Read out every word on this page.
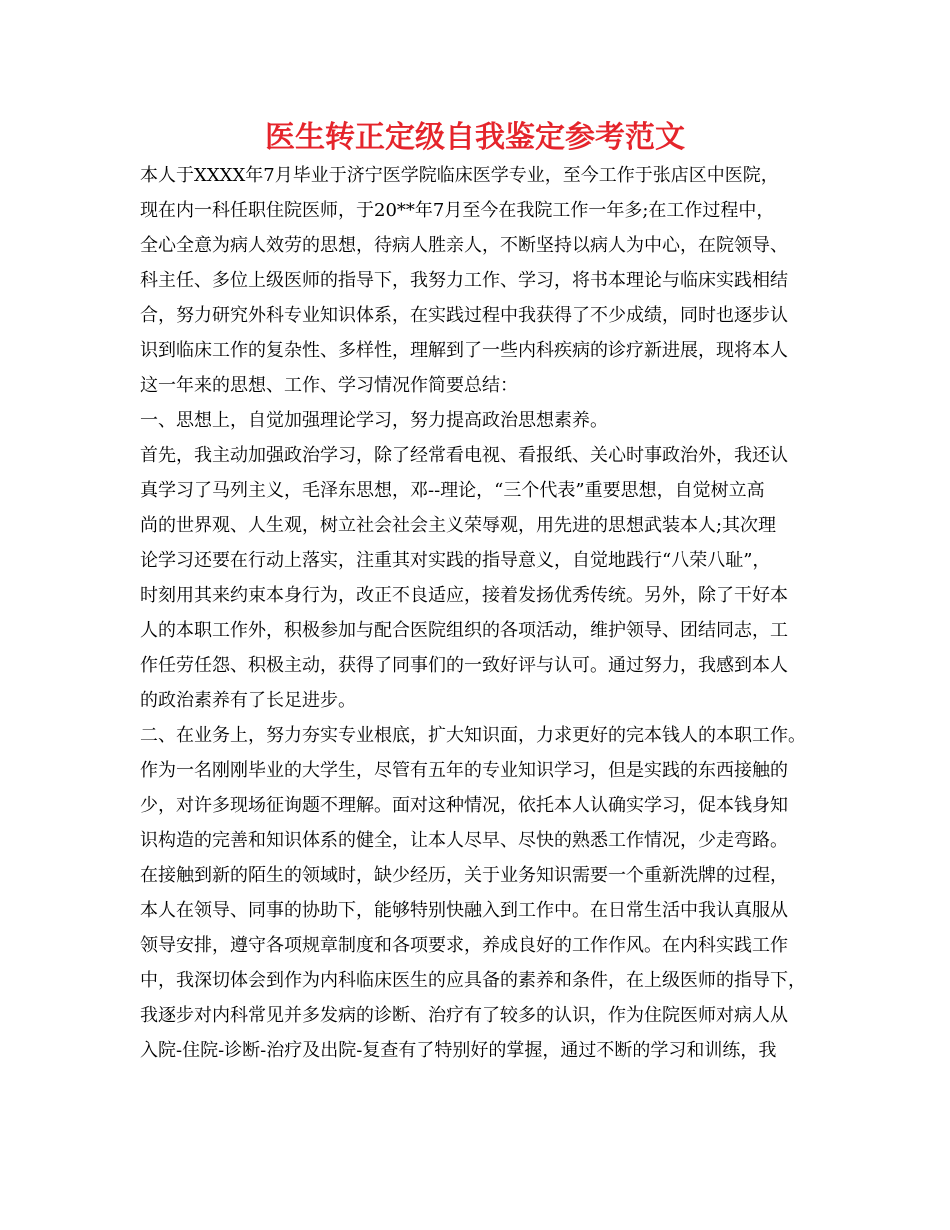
医生转正定级自我鉴定参考范文

本人于XXXX年7月毕业于济宁医学院临床医学专业，至今工作于张店区中医院，

现在内一科任职住院医师，于20**年7月至今在我院工作一年多;在工作过程中，

全心全意为病人效劳的思想，待病人胜亲人，不断坚持以病人为中心，在院领导、

科主任、多位上级医师的指导下，我努力工作、学习，将书本理论与临床实践相结

合，努力研究外科专业知识体系，在实践过程中我获得了不少成绩，同时也逐步认

识到临床工作的复杂性、多样性，理解到了一些内科疾病的诊疗新进展，现将本人

这一年来的思想、工作、学习情况作简要总结：

一、思想上，自觉加强理论学习，努力提高政治思想素养。

首先，我主动加强政治学习，除了经常看电视、看报纸、关心时事政治外，我还认

真学习了马列主义，毛泽东思想，邓--理论，“三个代表”重要思想，自觉树立高

尚的世界观、人生观，树立社会社会主义荣辱观，用先进的思想武装本人;其次理

论学习还要在行动上落实，注重其对实践的指导意义，自觉地践行“八荣八耻”，

时刻用其来约束本身行为，改正不良适应，接着发扬优秀传统。另外，除了干好本

人的本职工作外，积极参加与配合医院组织的各项活动，维护领导、团结同志，工

作任劳任怨、积极主动，获得了同事们的一致好评与认可。通过努力，我感到本人

的政治素养有了长足进步。

二、在业务上，努力夯实专业根底，扩大知识面，力求更好的完本钱人的本职工作。

作为一名刚刚毕业的大学生，尽管有五年的专业知识学习，但是实践的东西接触的

少，对许多现场征询题不理解。面对这种情况，依托本人认确实学习，促本钱身知

识构造的完善和知识体系的健全，让本人尽早、尽快的熟悉工作情况，少走弯路。

在接触到新的陌生的领域时，缺少经历，关于业务知识需要一个重新洗牌的过程，

本人在领导、同事的协助下，能够特别快融入到工作中。在日常生活中我认真服从

领导安排，遵守各项规章制度和各项要求，养成良好的工作作风。在内科实践工作

中，我深切体会到作为内科临床医生的应具备的素养和条件，在上级医师的指导下，

我逐步对内科常见并多发病的诊断、治疗有了较多的认识，作为住院医师对病人从

入院-住院-诊断-治疗及出院-复查有了特别好的掌握，通过不断的学习和训练，我
